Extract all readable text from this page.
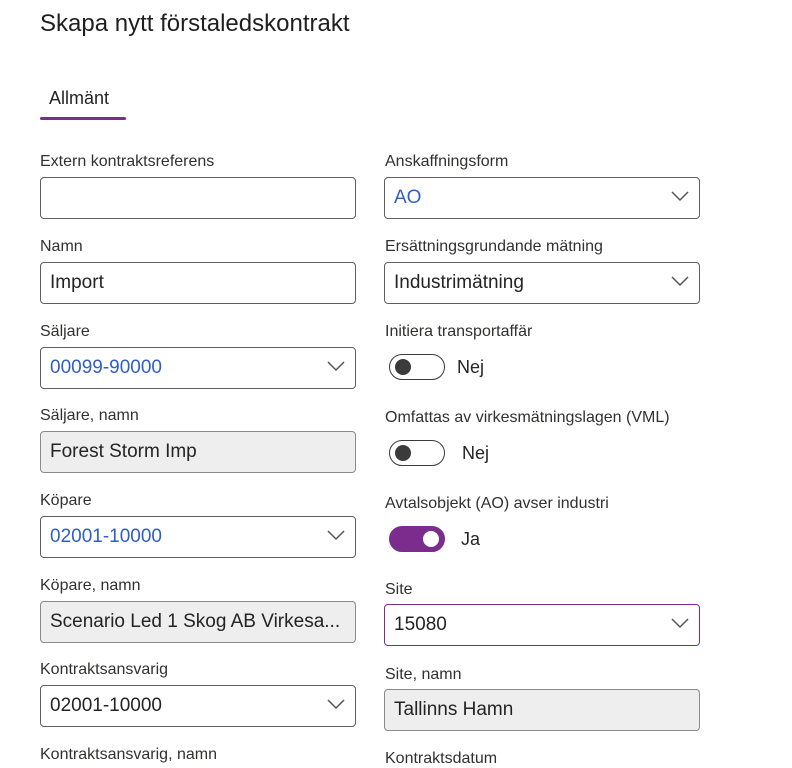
Skapa nytt förstaledskontrakt
Allmänt
Extern kontraktsreferens
Namn
Import
Säljare
00099-90000
Säljare, namn
Forest Storm Imp
Köpare
02001-10000
Köpare, namn
Scenario Led 1 Skog AB Virkesa...
Kontraktsansvarig
02001-10000
Kontraktsansvarig, namn
Anskaffningsform
AO
Ersättningsgrundande mätning
Industrimätning
Initiera transportaffär
Nej
Omfattas av virkesmätningslagen (VML)
Nej
Avtalsobjekt (AO) avser industri
Ja
Site
15080
Site, namn
Tallinns Hamn
Kontraktsdatum
